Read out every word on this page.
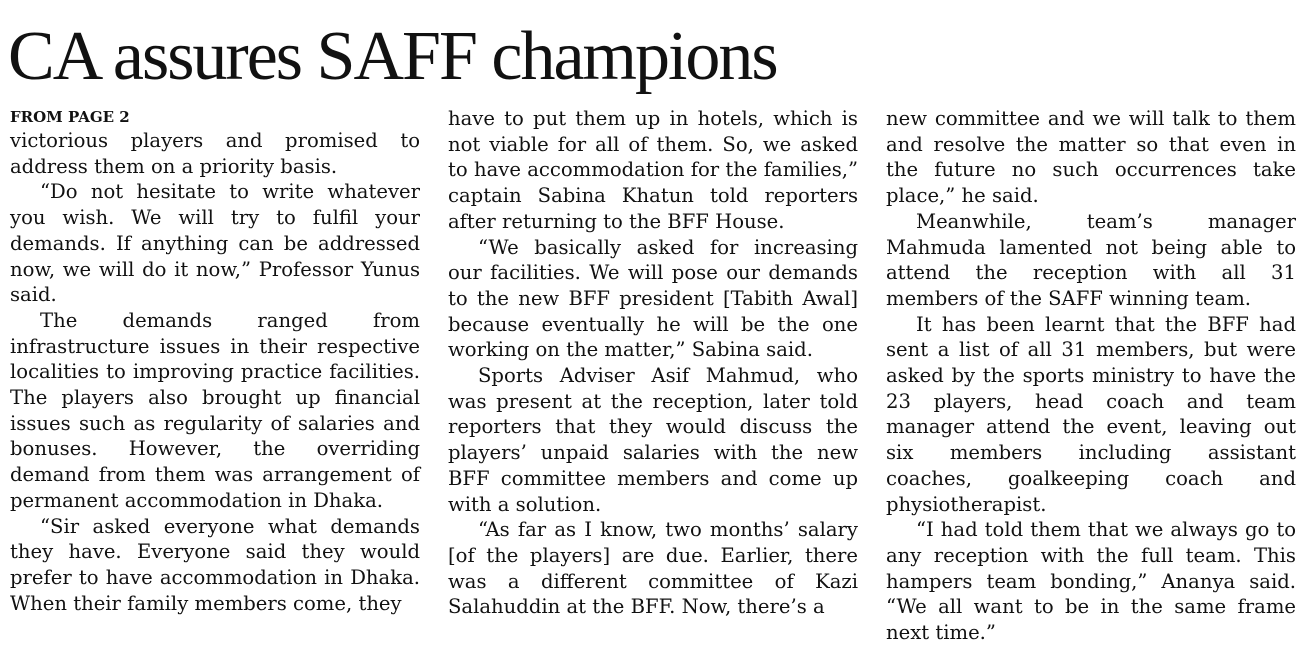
CA assures SAFF champions
FROM PAGE 2

victorious players and promised to address them on a priority basis.

“Do not hesitate to write whatever you wish. We will try to fulfil your demands. If anything can be addressed now, we will do it now,” Professor Yunus said.

The demands ranged from infrastructure issues in their respective localities to improving practice facilities. The players also brought up financial issues such as regularity of salaries and bonuses. However, the overriding demand from them was arrangement of permanent accommodation in Dhaka.

“Sir asked everyone what demands they have. Everyone said they would prefer to have accommodation in Dhaka. When their family members come, they

have to put them up in hotels, which is not viable for all of them. So, we asked to have accommodation for the families,” captain Sabina Khatun told reporters after returning to the BFF House.

“We basically asked for increasing our facilities. We will pose our demands to the new BFF president [Tabith Awal] because eventually he will be the one working on the matter,” Sabina said.

Sports Adviser Asif Mahmud, who was present at the reception, later told reporters that they would discuss the players’ unpaid salaries with the new BFF committee members and come up with a solution.

“As far as I know, two months’ salary [of the players] are due. Earlier, there was a different committee of Kazi Salahuddin at the BFF. Now, there’s a

new committee and we will talk to them and resolve the matter so that even in the future no such occurrences take place,” he said.

Meanwhile, team’s manager Mahmuda lamented not being able to attend the reception with all 31 members of the SAFF winning team.

It has been learnt that the BFF had sent a list of all 31 members, but were asked by the sports ministry to have the 23 players, head coach and team manager attend the event, leaving out six members including assistant coaches, goalkeeping coach and physiotherapist.

“I had told them that we always go to any reception with the full team. This hampers team bonding,” Ananya said. “We all want to be in the same frame next time.”
